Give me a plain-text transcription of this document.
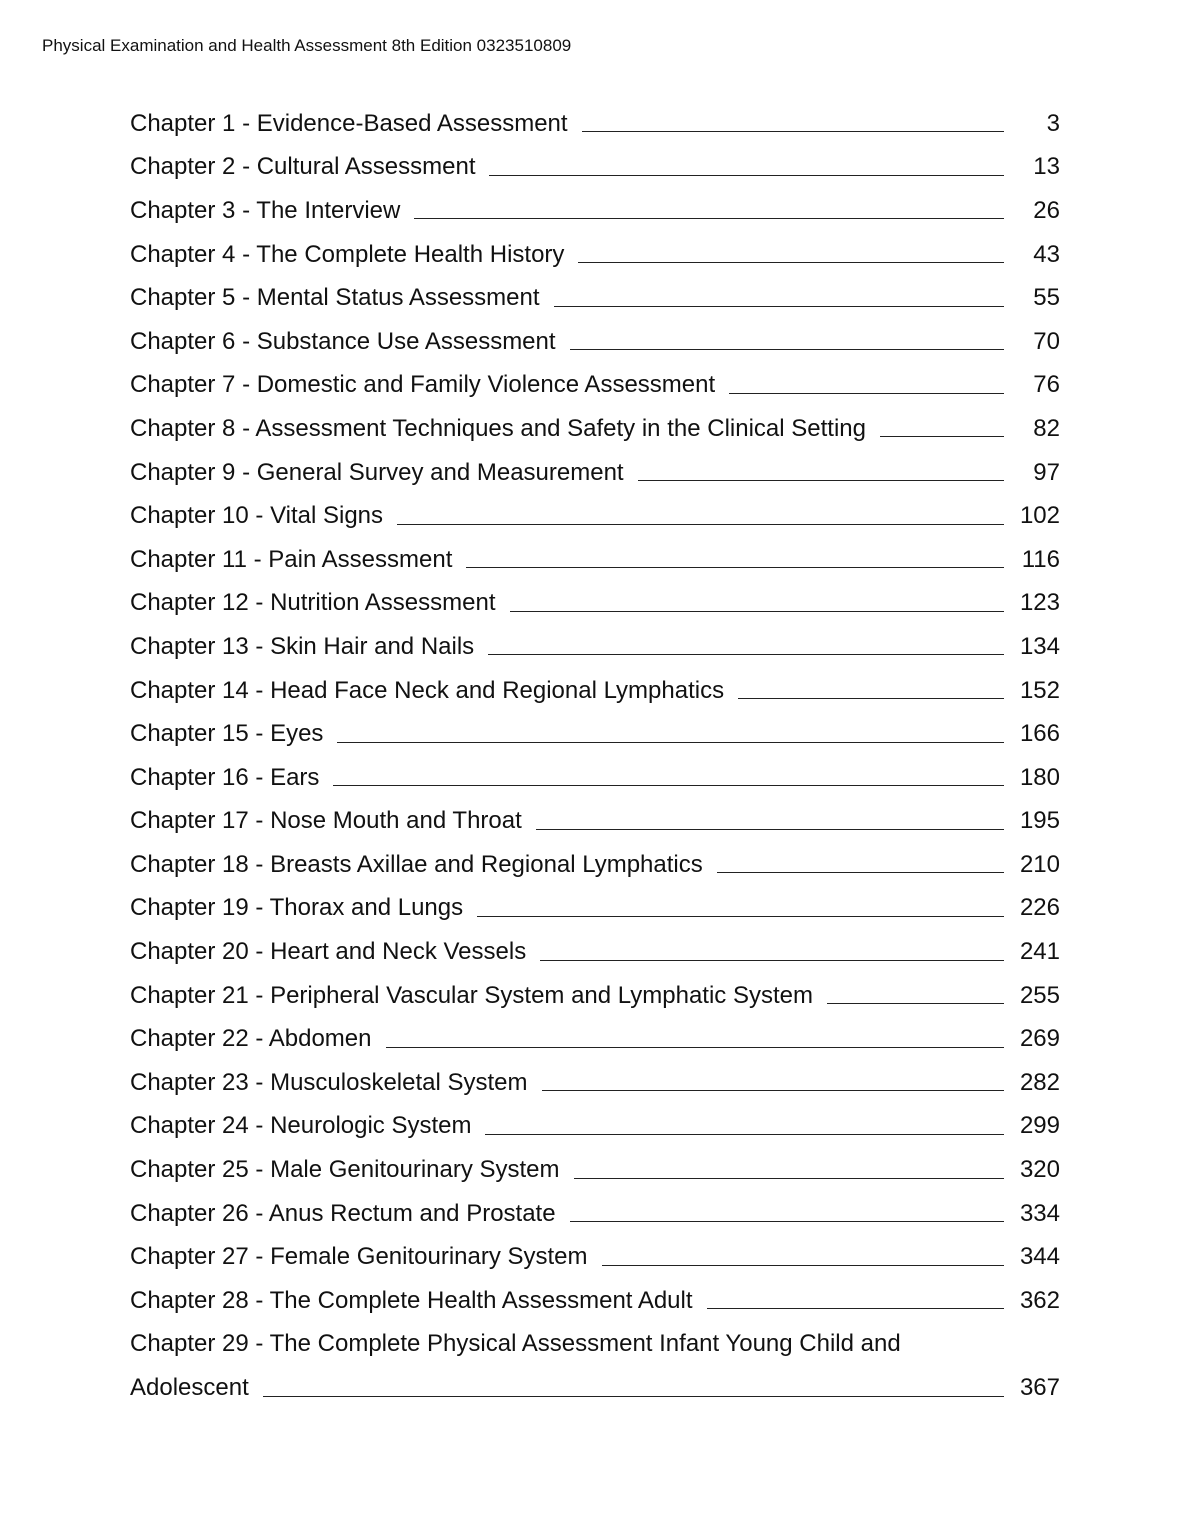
Physical Examination and Health Assessment 8th Edition 0323510809
Chapter 1 - Evidence-Based Assessment	3
Chapter 2 - Cultural Assessment	13
Chapter 3 - The Interview	26
Chapter 4 - The Complete Health History	43
Chapter 5 - Mental Status Assessment	55
Chapter 6 - Substance Use Assessment	70
Chapter 7 - Domestic and Family Violence Assessment	76
Chapter 8 - Assessment Techniques and Safety in the Clinical Setting	82
Chapter 9 - General Survey and Measurement	97
Chapter 10 - Vital Signs	102
Chapter 11 - Pain Assessment	116
Chapter 12 - Nutrition Assessment	123
Chapter 13 - Skin Hair and Nails	134
Chapter 14 - Head Face Neck and Regional Lymphatics	152
Chapter 15 - Eyes	166
Chapter 16 - Ears	180
Chapter 17 - Nose Mouth and Throat	195
Chapter 18 - Breasts Axillae and Regional Lymphatics	210
Chapter 19 - Thorax and Lungs	226
Chapter 20 - Heart and Neck Vessels	241
Chapter 21 - Peripheral Vascular System and Lymphatic System	255
Chapter 22 - Abdomen	269
Chapter 23 - Musculoskeletal System	282
Chapter 24 - Neurologic System	299
Chapter 25 - Male Genitourinary System	320
Chapter 26 - Anus Rectum and Prostate	334
Chapter 27 - Female Genitourinary System	344
Chapter 28 - The Complete Health Assessment Adult	362
Chapter 29 - The Complete Physical Assessment Infant Young Child and
Adolescent	367
